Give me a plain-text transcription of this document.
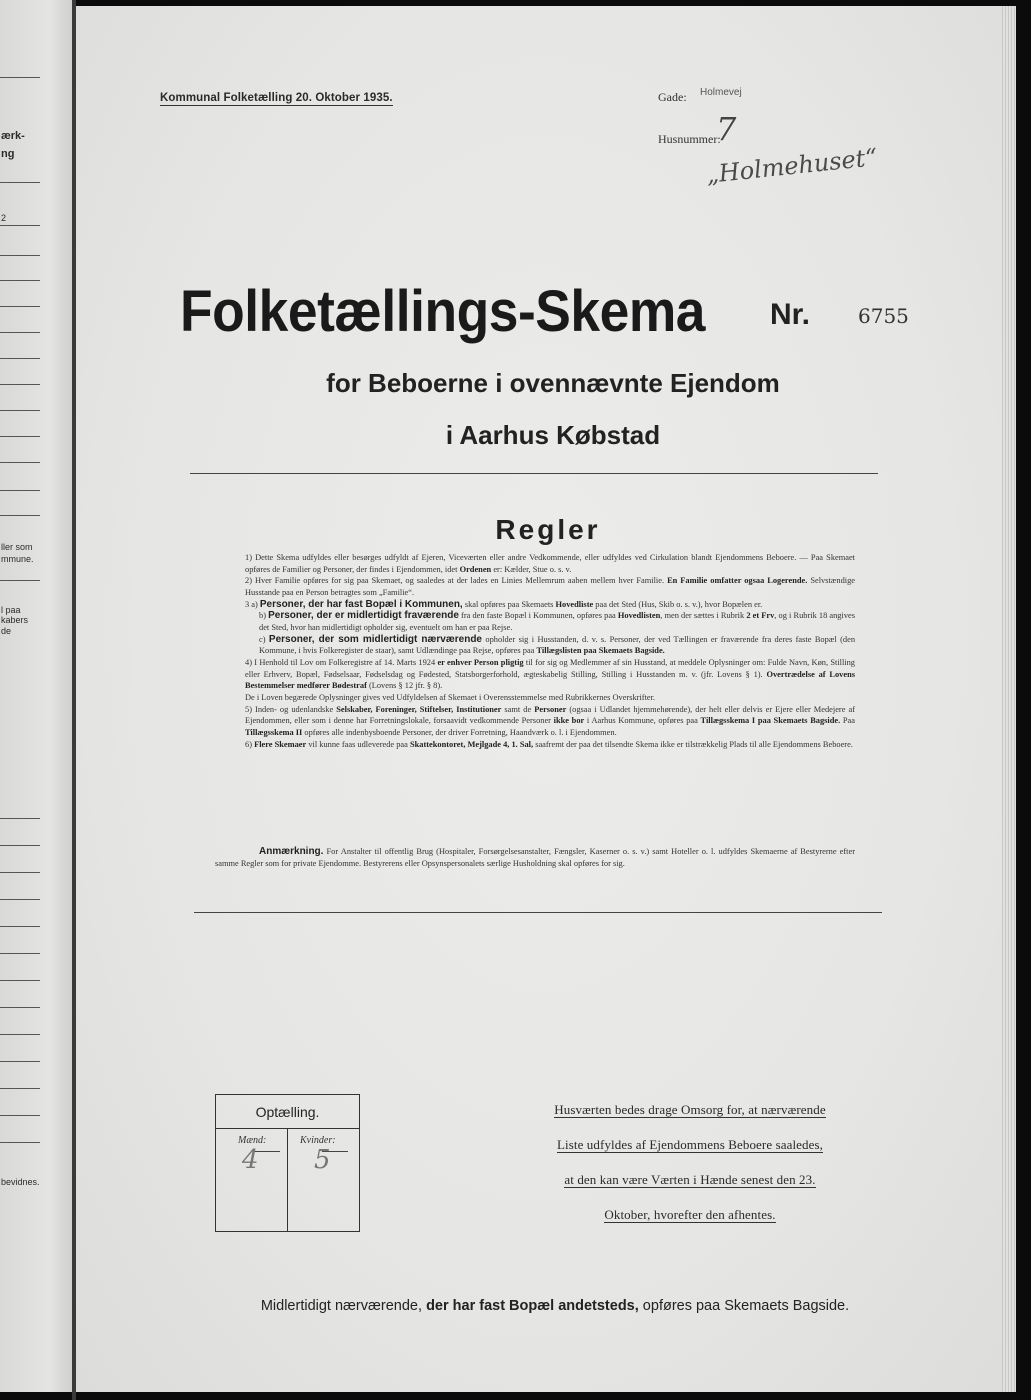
ærk-
ng
2
ller som
mmune.
l paa
kabers
de
bevidnes.
Kommunal Folketælling 20. Oktober 1935.	Gade: Holmevej
Husnummer:
7
„Holmehuset“
Folketællings-Skema Nr. 6755
for Beboerne i ovennævnte Ejendom
i Aarhus Købstad
Regler

1) Dette Skema udfyldes eller besørges udfyldt af Ejeren, Viceværten eller andre Vedkommende, eller udfyldes ved Cirkulation blandt Ejendommens Beboere. — Paa Skemaet opføres de Familier og Personer, der findes i Ejendommen, idet Ordenen er: Kælder, Stue o. s. v.

2) Hver Familie opføres for sig paa Skemaet, og saaledes at der lades en Linies Mellemrum aaben mellem hver Familie. En Familie omfatter ogsaa Logerende. Selvstændige Husstande paa en Person betragtes som „Familie“.

3 a) Personer, der har fast Bopæl i Kommunen, skal opføres paa Skemaets Hovedliste paa det Sted (Hus, Skib o. s. v.), hvor Bopælen er.

b) Personer, der er midlertidigt fraværende fra den faste Bopæl i Kommunen, opføres paa Hovedlisten, men der sættes i Rubrik 2 et Frv, og i Rubrik 18 angives det Sted, hvor han midlertidigt opholder sig, eventuelt om han er paa Rejse.

c) Personer, der som midlertidigt nærværende opholder sig i Husstanden, d. v. s. Personer, der ved Tællingen er fraværende fra deres faste Bopæl (den Kommune, i hvis Folkeregister de staar), samt Udlændinge paa Rejse, opføres paa Tillægslisten paa Skemaets Bagside.

4) I Henhold til Lov om Folkeregistre af 14. Marts 1924 er enhver Person pligtig til for sig og Medlemmer af sin Husstand, at meddele Oplysninger om: Fulde Navn, Køn, Stilling eller Erhverv, Bopæl, Fødselsaar, Fødselsdag og Fødested, Statsborgerforhold, ægteskabelig Stilling, Stilling i Husstanden m. v. (jfr. Lovens § 1). Overtrædelse af Lovens Bestemmelser medfører Bødestraf (Lovens § 12 jfr. § 8).

De i Loven begærede Oplysninger gives ved Udfyldelsen af Skemaet i Overensstemmelse med Rubrikkernes Overskrifter.

5) Inden- og udenlandske Selskaber, Foreninger, Stiftelser, Institutioner samt de Personer (ogsaa i Udlandet hjemmehørende), der helt eller delvis er Ejere eller Medejere af Ejendommen, eller som i denne har Forretningslokale, forsaavidt vedkommende Personer ikke bor i Aarhus Kommune, opføres paa Tillægsskema I paa Skemaets Bagside. Paa Tillægsskema II opføres alle indenbysboende Personer, der driver Forretning, Haandværk o. l. i Ejendommen.

6) Flere Skemaer vil kunne faas udleverede paa Skattekontoret, Mejlgade 4, 1. Sal, saafremt der paa det tilsendte Skema ikke er tilstrækkelig Plads til alle Ejendommens Beboere.

Anmærkning. For Anstalter til offentlig Brug (Hospitaler, Forsørgelsesanstalter, Fængsler, Kaserner o. s. v.) samt Hoteller o. l. udfyldes Skemaerne af Bestyrerne efter samme Regler som for private Ejendomme. Bestyrerens eller Opsynspersonalets særlige Husholdning skal opføres for sig.

Optælling.
Mænd:	Kvinder:
4 5
Husværten bedes drage Omsorg for, at nærværende
Liste udfyldes af Ejendommens Beboere saaledes,
at den kan være Værten i Hænde senest den 23.
Oktober, hvorefter den afhentes.
Midlertidigt nærværende, der har fast Bopæl andetsteds, opføres paa Skemaets Bagside.
